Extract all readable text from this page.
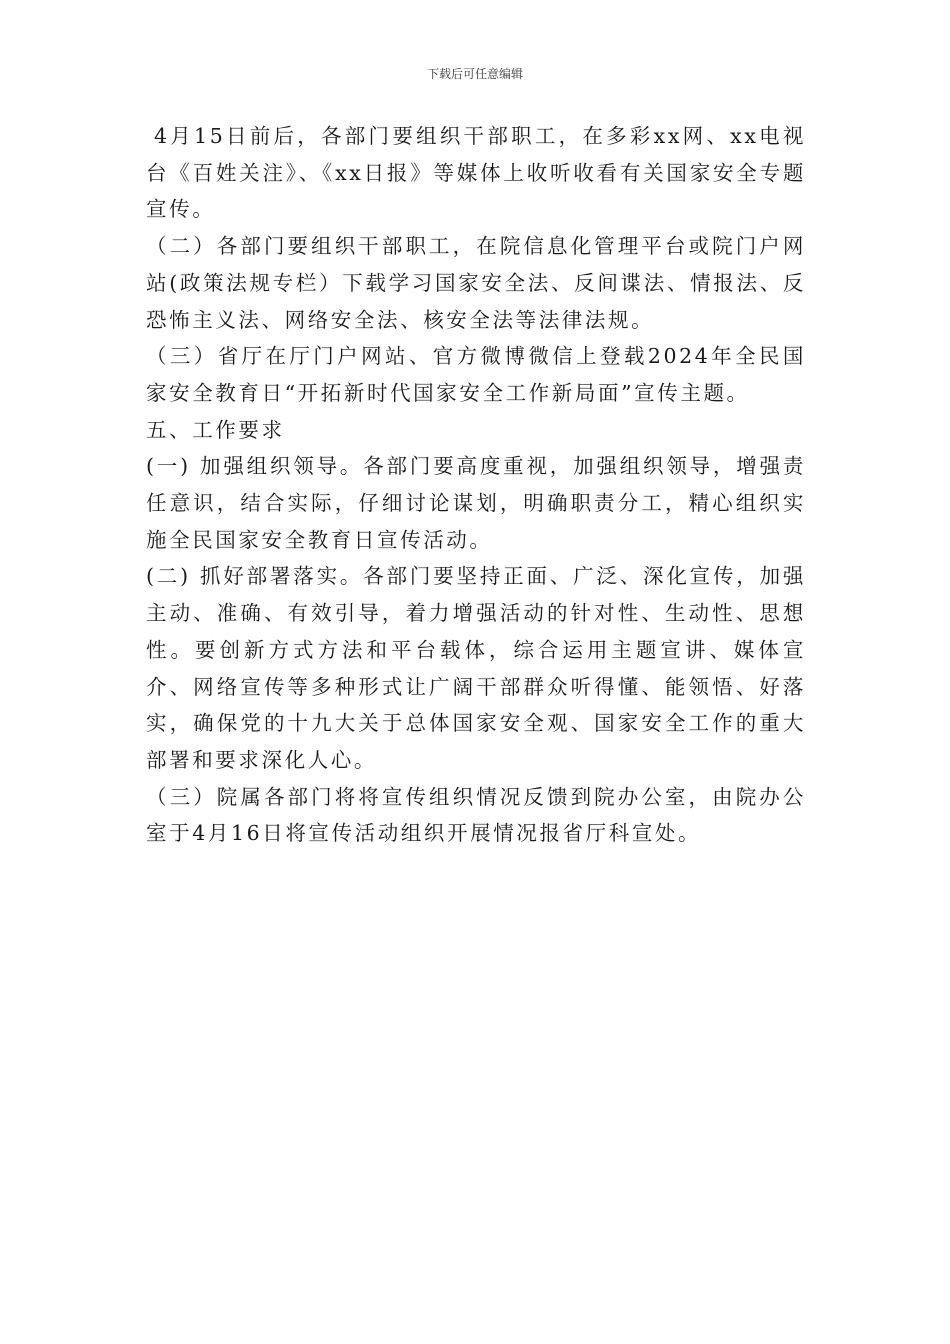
下载后可任意编辑

4月15日前后，各部门要组织干部职工，在多彩xx网、xx电视台《百姓关注》、《xx日报》等媒体上收听收看有关国家安全专题宣传。

（二）各部门要组织干部职工，在院信息化管理平台或院门户网站(政策法规专栏）下载学习国家安全法、反间谍法、情报法、反恐怖主义法、网络安全法、核安全法等法律法规。

（三）省厅在厅门户网站、官方微博微信上登载2024年全民国家安全教育日“开拓新时代国家安全工作新局面”宣传主题。

五、工作要求

(一) 加强组织领导。各部门要高度重视，加强组织领导，增强责任意识，结合实际，仔细讨论谋划，明确职责分工，精心组织实施全民国家安全教育日宣传活动。

(二) 抓好部署落实。各部门要坚持正面、广泛、深化宣传，加强主动、准确、有效引导，着力增强活动的针对性、生动性、思想性。要创新方式方法和平台载体，综合运用主题宣讲、媒体宣介、网络宣传等多种形式让广阔干部群众听得懂、能领悟、好落实，确保党的十九大关于总体国家安全观、国家安全工作的重大部署和要求深化人心。

（三）院属各部门将将宣传组织情况反馈到院办公室，由院办公室于4月16日将宣传活动组织开展情况报省厅科宣处。
